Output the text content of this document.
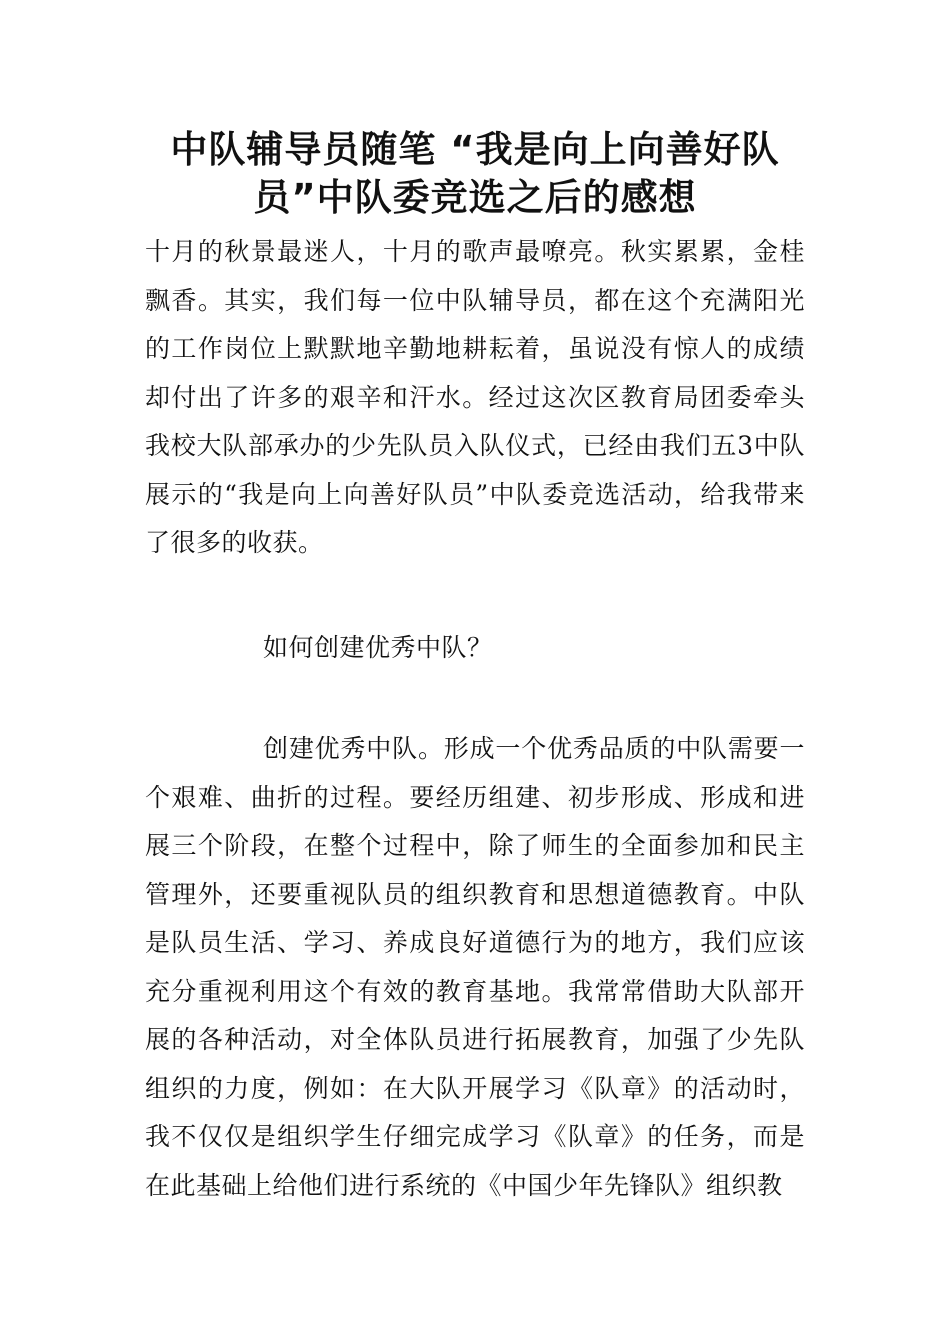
中队辅导员随笔 “我是向上向善好队员”中队委竞选之后的感想

十月的秋景最迷人，十月的歌声最嘹亮。秋实累累，金桂飘香。其实，我们每一位中队辅导员，都在这个充满阳光的工作岗位上默默地辛勤地耕耘着，虽说没有惊人的成绩却付出了许多的艰辛和汗水。经过这次区教育局团委牵头我校大队部承办的少先队员入队仪式，已经由我们五3中队展示的“我是向上向善好队员”中队委竞选活动，给我带来了很多的收获。

如何创建优秀中队？

创建优秀中队。形成一个优秀品质的中队需要一个艰难、曲折的过程。要经历组建、初步形成、形成和进展三个阶段，在整个过程中，除了师生的全面参加和民主管理外，还要重视队员的组织教育和思想道德教育。中队是队员生活、学习、养成良好道德行为的地方，我们应该充分重视利用这个有效的教育基地。我常常借助大队部开展的各种活动，对全体队员进行拓展教育，加强了少先队组织的力度，例如：在大队开展学习《队章》的活动时，我不仅仅是组织学生仔细完成学习《队章》的任务，而是在此基础上给他们进行系统的《中国少年先锋队》组织教
